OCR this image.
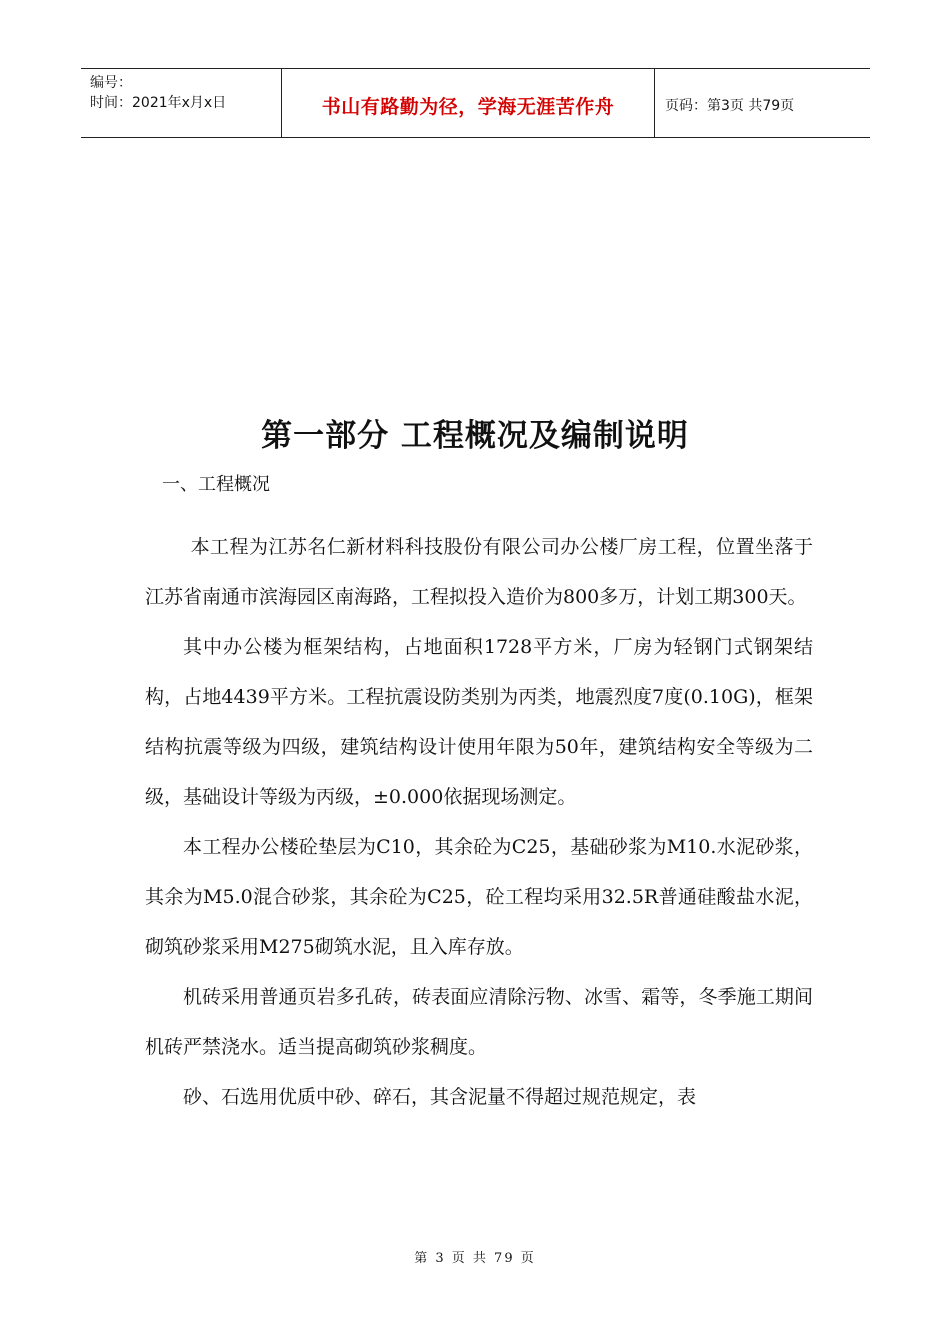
编号：
时间：2021年x月x日	书山有路勤为径，学海无涯苦作舟	页码：第3页 共79页
第一部分 工程概况及编制说明
一、工程概况

本工程为江苏名仁新材料科技股份有限公司办公楼厂房工程，位置坐落于江苏省南通市滨海园区南海路，工程拟投入造价为800多万，计划工期300天。

其中办公楼为框架结构，占地面积1728平方米，厂房为轻钢门式钢架结构，占地4439平方米。工程抗震设防类别为丙类，地震烈度7度(0.10G)，框架结构抗震等级为四级，建筑结构设计使用年限为50年，建筑结构安全等级为二级，基础设计等级为丙级，±0.000依据现场测定。

本工程办公楼砼垫层为C10，其余砼为C25，基础砂浆为M10.水泥砂浆，其余为M5.0混合砂浆，其余砼为C25，砼工程均采用32.5R普通硅酸盐水泥，砌筑砂浆采用M275砌筑水泥，且入库存放。

机砖采用普通页岩多孔砖，砖表面应清除污物、冰雪、霜等，冬季施工期间机砖严禁浇水。适当提高砌筑砂浆稠度。

砂、石选用优质中砂、碎石，其含泥量不得超过规范规定，表

第 3 页 共 79 页
